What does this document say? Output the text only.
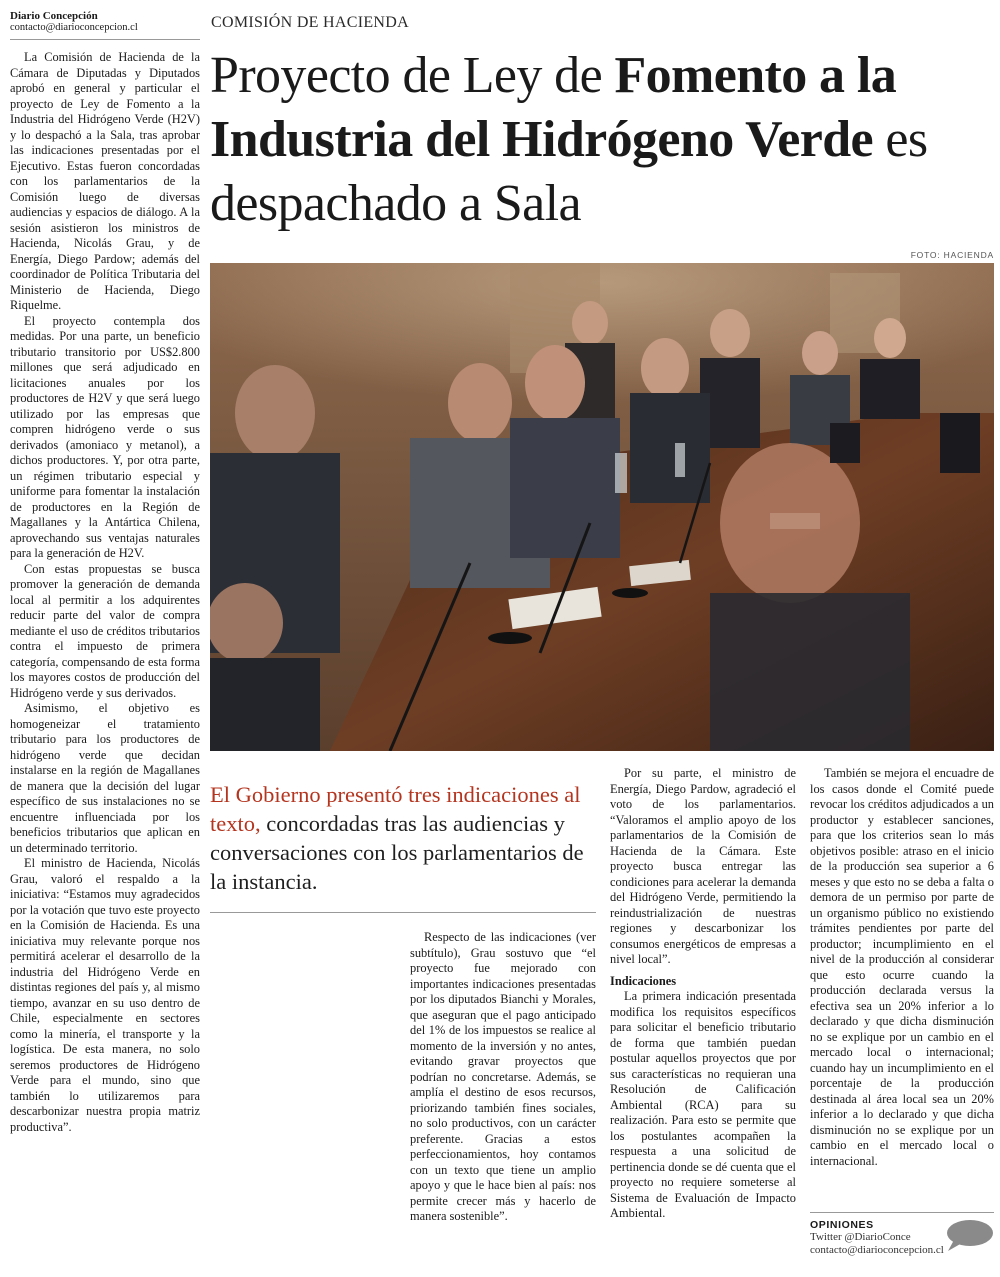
Diario Concepción
contacto@diarioconcepcion.cl

La Comisión de Hacienda de la Cámara de Diputadas y Diputados aprobó en general y particular el proyecto de Ley de Fomento a la Industria del Hidrógeno Verde (H2V) y lo despachó a la Sala, tras aprobar las indicaciones presentadas por el Ejecutivo. Estas fueron concordadas con los parlamentarios de la Comisión luego de diversas audiencias y espacios de diálogo. A la sesión asistieron los ministros de Hacienda, Nicolás Grau, y de Energía, Diego Pardow; además del coordinador de Política Tributaria del Ministerio de Hacienda, Diego Riquelme.

El proyecto contempla dos medidas. Por una parte, un beneficio tributario transitorio por US$2.800 millones que será adjudicado en licitaciones anuales por los productores de H2V y que será luego utilizado por las empresas que compren hidrógeno verde o sus derivados (amoniaco y metanol), a dichos productores. Y, por otra parte, un régimen tributario especial y uniforme para fomentar la instalación de productores en la Región de Magallanes y la Antártica Chilena, aprovechando sus ventajas naturales para la generación de H2V.

Con estas propuestas se busca promover la generación de demanda local al permitir a los adquirentes reducir parte del valor de compra mediante el uso de créditos tributarios contra el impuesto de primera categoría, compensando de esta forma los mayores costos de producción del Hidrógeno verde y sus derivados.

Asimismo, el objetivo es homogeneizar el tratamiento tributario para los productores de hidrógeno verde que decidan instalarse en la región de Magallanes de manera que la decisión del lugar específico de sus instalaciones no se encuentre influenciada por los beneficios tributarios que aplican en un determinado territorio.

El ministro de Hacienda, Nicolás Grau, valoró el respaldo a la iniciativa: “Estamos muy agradecidos por la votación que tuvo este proyecto en la Comisión de Hacienda. Es una iniciativa muy relevante porque nos permitirá acelerar el desarrollo de la industria del Hidrógeno Verde en distintas regiones del país y, al mismo tiempo, avanzar en su uso dentro de Chile, especialmente en sectores como la minería, el transporte y la logística. De esta manera, no solo seremos productores de Hidrógeno Verde para el mundo, sino que también lo utilizaremos para descarbonizar nuestra propia matriz productiva”.

COMISIÓN DE HACIENDA
Proyecto de Ley de Fomento a la Industria del Hidrógeno Verde es despachado a Sala
FOTO: HACIENDA
El Gobierno presentó tres indicaciones al texto, concordadas tras las audiencias y conversaciones con los parlamentarios de la instancia.

Respecto de las indicaciones (ver subtítulo), Grau sostuvo que “el proyecto fue mejorado con importantes indicaciones presentadas por los diputados Bianchi y Morales, que aseguran que el pago anticipado del 1% de los impuestos se realice al momento de la inversión y no antes, evitando gravar proyectos que podrían no concretarse. Además, se amplía el destino de esos recursos, priorizando también fines sociales, no solo productivos, con un carácter preferente. Gracias a estos perfeccionamientos, hoy contamos con un texto que tiene un amplio apoyo y que le hace bien al país: nos permite crecer más y hacerlo de manera sostenible”.

Por su parte, el ministro de Energía, Diego Pardow, agradeció el voto de los parlamentarios. “Valoramos el amplio apoyo de los parlamentarios de la Comisión de Hacienda de la Cámara. Este proyecto busca entregar las condiciones para acelerar la demanda del Hidrógeno Verde, permitiendo la reindustrialización de nuestras regiones y descarbonizar los consumos energéticos de empresas a nivel local”.

Indicaciones

La primera indicación presentada modifica los requisitos específicos para solicitar el beneficio tributario de forma que también puedan postular aquellos proyectos que por sus características no requieran una Resolución de Calificación Ambiental (RCA) para su realización. Para esto se permite que los postulantes acompañen la respuesta a una solicitud de pertinencia donde se dé cuenta que el proyecto no requiere someterse al Sistema de Evaluación de Impacto Ambiental.

También se mejora el encuadre de los casos donde el Comité puede revocar los créditos adjudicados a un productor y establecer sanciones, para que los criterios sean lo más objetivos posible: atraso en el inicio de la producción sea superior a 6 meses y que esto no se deba a falta o demora de un permiso por parte de un organismo público no existiendo trámites pendientes por parte del productor; incumplimiento en el nivel de la producción al considerar que esto ocurre cuando la producción declarada versus la efectiva sea un 20% inferior a lo declarado y que dicha disminución no se explique por un cambio en el mercado local o internacional; cuando hay un incumplimiento en el porcentaje de la producción destinada al área local sea un 20% inferior a lo declarado y que dicha disminución no se explique por un cambio en el mercado local o internacional.

OPINIONES
Twitter @DiarioConce
contacto@diarioconcepcion.cl
